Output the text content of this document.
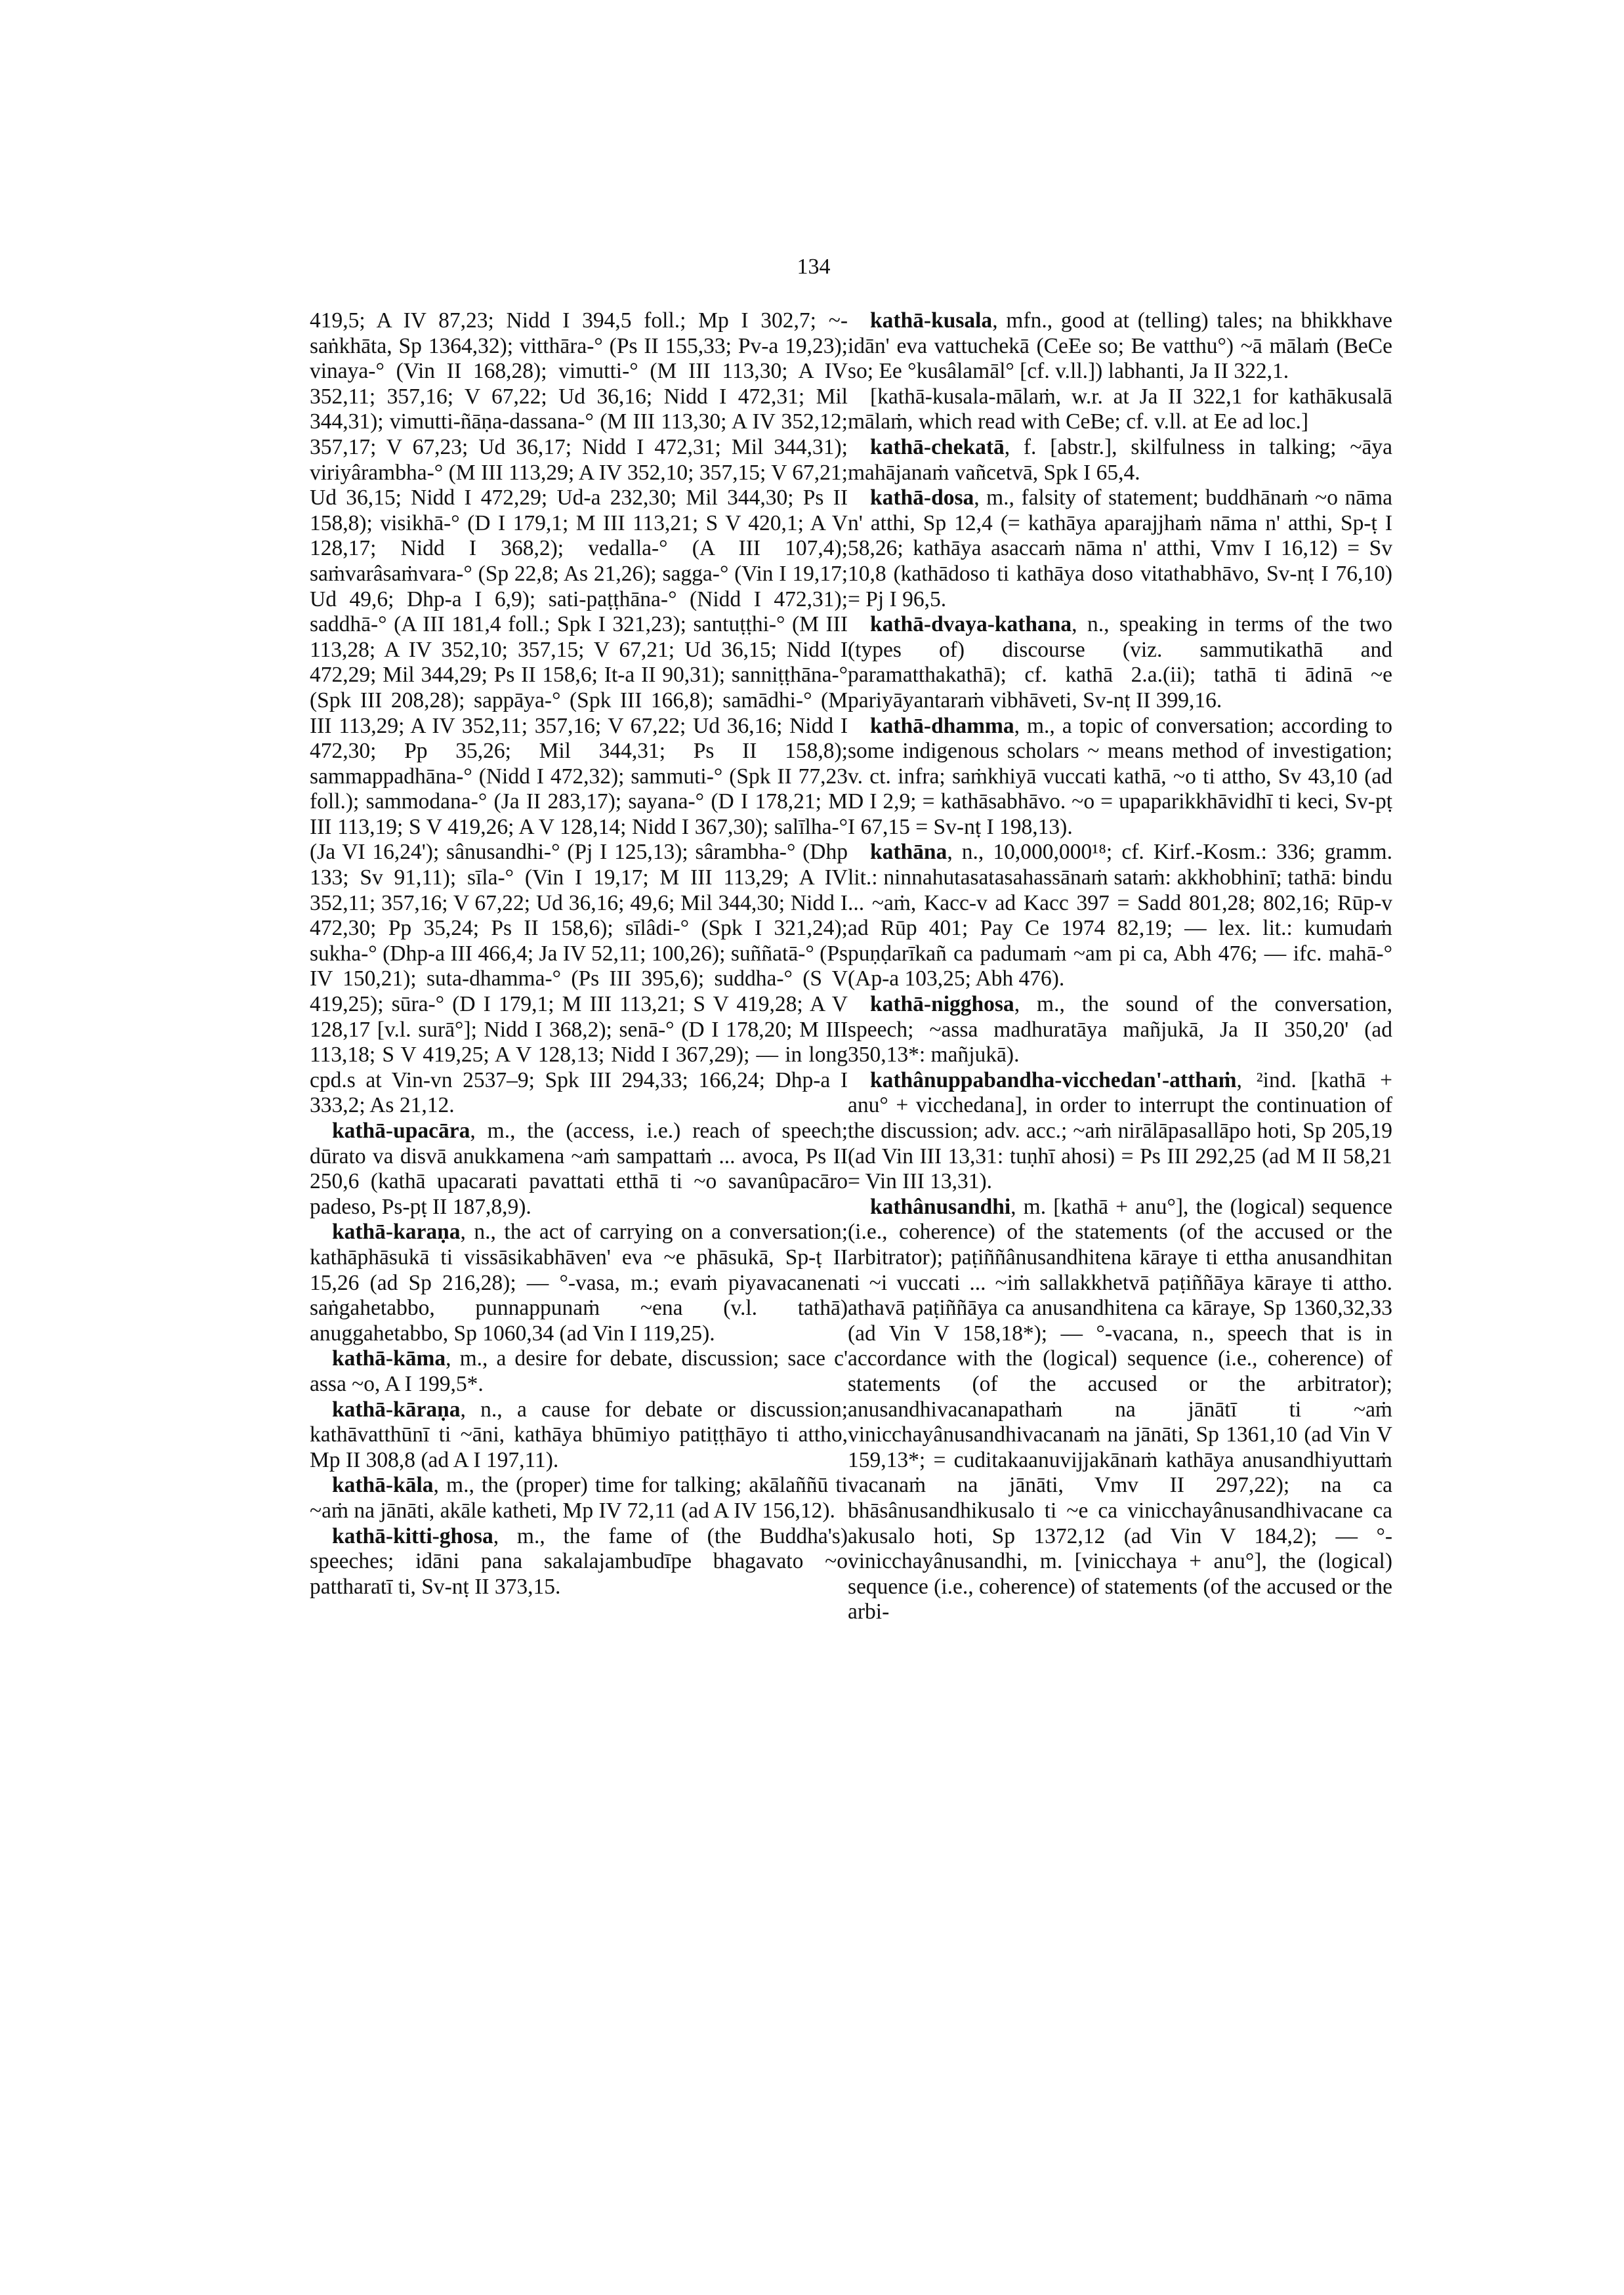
134

419,5; A IV 87,23; Nidd I 394,5 foll.; Mp I 302,7; ~-saṅkhāta, Sp 1364,32); vitthāra-° (Ps II 155,33; Pv-a 19,23); vinaya-° (Vin II 168,28); vimutti-° (M III 113,30; A IV 352,11; 357,16; V 67,22; Ud 36,16; Nidd I 472,31; Mil 344,31); vimutti-ñāṇa-dassana-° (M III 113,30; A IV 352,12; 357,17; V 67,23; Ud 36,17; Nidd I 472,31; Mil 344,31); viriyârambha-° (M III 113,29; A IV 352,10; 357,15; V 67,21; Ud 36,15; Nidd I 472,29; Ud-a 232,30; Mil 344,30; Ps II 158,8); visikhā-° (D I 179,1; M III 113,21; S V 420,1; A V 128,17; Nidd I 368,2); vedalla-° (A III 107,4); saṁvarâsaṁvara-° (Sp 22,8; As 21,26); sagga-° (Vin I 19,17; Ud 49,6; Dhp-a I 6,9); sati-paṭṭhāna-° (Nidd I 472,31); saddhā-° (A III 181,4 foll.; Spk I 321,23); santuṭṭhi-° (M III 113,28; A IV 352,10; 357,15; V 67,21; Ud 36,15; Nidd I 472,29; Mil 344,29; Ps II 158,6; It-a II 90,31); sanniṭṭhāna-° (Spk III 208,28); sappāya-° (Spk III 166,8); samādhi-° (M III 113,29; A IV 352,11; 357,16; V 67,22; Ud 36,16; Nidd I 472,30; Pp 35,26; Mil 344,31; Ps II 158,8); sammappadhāna-° (Nidd I 472,32); sammuti-° (Spk II 77,23 foll.); sammodana-° (Ja II 283,17); sayana-° (D I 178,21; M III 113,19; S V 419,26; A V 128,14; Nidd I 367,30); salīlha-° (Ja VI 16,24'); sânusandhi-° (Pj I 125,13); sârambha-° (Dhp 133; Sv 91,11); sīla-° (Vin I 19,17; M III 113,29; A IV 352,11; 357,16; V 67,22; Ud 36,16; 49,6; Mil 344,30; Nidd I 472,30; Pp 35,24; Ps II 158,6); sīlâdi-° (Spk I 321,24); sukha-° (Dhp-a III 466,4; Ja IV 52,11; 100,26); suññatā-° (Ps IV 150,21); suta-dhamma-° (Ps III 395,6); suddha-° (S V 419,25); sūra-° (D I 179,1; M III 113,21; S V 419,28; A V 128,17 [v.l. surā°]; Nidd I 368,2); senā-° (D I 178,20; M III 113,18; S V 419,25; A V 128,13; Nidd I 367,29); — in long cpd.s at Vin-vn 2537–9; Spk III 294,33; 166,24; Dhp-a I 333,2; As 21,12.

kathā-upacāra, m., the (access, i.e.) reach of speech; dūrato va disvā anukkamena ~aṁ sampattaṁ ... avoca, Ps II 250,6 (kathā upacarati pavattati etthā ti ~o savanûpacāro padeso, Ps-pṭ II 187,8,9).

kathā-karaṇa, n., the act of carrying on a conversation; kathāphāsukā ti vissāsikabhāven' eva ~e phāsukā, Sp-ṭ II 15,26 (ad Sp 216,28); — °-vasa, m.; evaṁ piyavacanena saṅgahetabbo, punnappunaṁ ~ena (v.l. tathā) anuggahetabbo, Sp 1060,34 (ad Vin I 119,25).

kathā-kāma, m., a desire for debate, discussion; sace c' assa ~o, A I 199,5*.

kathā-kāraṇa, n., a cause for debate or discussion; kathāvatthūnī ti ~āni, kathāya bhūmiyo patiṭṭhāyo ti attho, Mp II 308,8 (ad A I 197,11).

kathā-kāla, m., the (proper) time for talking; akālaññū ti ~aṁ na jānāti, akāle katheti, Mp IV 72,11 (ad A IV 156,12).

kathā-kitti-ghosa, m., the fame of (the Buddha's) speeches; idāni pana sakalajambudīpe bhagavato ~o pattharatī ti, Sv-nṭ II 373,15.

kathā-kusala, mfn., good at (telling) tales; na bhikkhave idān' eva vattuchekā (CeEe so; Be vatthu°) ~ā mālaṁ (BeCe so; Ee °kusâlamāl° [cf. v.ll.]) labhanti, Ja II 322,1.

[kathā-kusala-mālaṁ, w.r. at Ja II 322,1 for kathākusalā mālaṁ, which read with CeBe; cf. v.ll. at Ee ad loc.]

kathā-chekatā, f. [abstr.], skilfulness in talking; ~āya mahājanaṁ vañcetvā, Spk I 65,4.

kathā-dosa, m., falsity of statement; buddhānaṁ ~o nāma n' atthi, Sp 12,4 (= kathāya aparajjhaṁ nāma n' atthi, Sp-ṭ I 58,26; kathāya asaccaṁ nāma n' atthi, Vmv I 16,12) = Sv 10,8 (kathādoso ti kathāya doso vitathabhāvo, Sv-nṭ I 76,10) = Pj I 96,5.

kathā-dvaya-kathana, n., speaking in terms of the two (types of) discourse (viz. sammutikathā and paramatthakathā); cf. kathā 2.a.(ii); tathā ti ādinā ~e pariyāyantaraṁ vibhāveti, Sv-nṭ II 399,16.

kathā-dhamma, m., a topic of conversation; according to some indigenous scholars ~ means method of investigation; v. ct. infra; saṁkhiyā vuccati kathā, ~o ti attho, Sv 43,10 (ad D I 2,9; = kathāsabhāvo. ~o = upaparikkhāvidhī ti keci, Sv-pṭ I 67,15 = Sv-nṭ I 198,13).

kathāna, n., 10,000,000¹⁸; cf. Kirf.-Kosm.: 336; gramm. lit.: ninnahutasatasahassānaṁ sataṁ: akkhobhinī; tathā: bindu ... ~aṁ, Kacc-v ad Kacc 397 = Sadd 801,28; 802,16; Rūp-v ad Rūp 401; Pay Ce 1974 82,19; — lex. lit.: kumudaṁ puṇḍarīkañ ca padumaṁ ~am pi ca, Abh 476; — ifc. mahā-° (Ap-a 103,25; Abh 476).

kathā-nigghosa, m., the sound of the conversation, speech; ~assa madhuratāya mañjukā, Ja II 350,20' (ad 350,13*: mañjukā).

kathânuppabandha-vicchedan'-atthaṁ, ²ind. [kathā + anu° + vicchedana], in order to interrupt the continuation of the discussion; adv. acc.; ~aṁ nirālāpasallāpo hoti, Sp 205,19 (ad Vin III 13,31: tuṇhī ahosi) = Ps III 292,25 (ad M II 58,21 = Vin III 13,31).

kathânusandhi, m. [kathā + anu°], the (logical) sequence (i.e., coherence) of the statements (of the accused or the arbitrator); paṭiññânusandhitena kāraye ti ettha anusandhitan ti ~i vuccati ... ~iṁ sallakkhetvā paṭiññāya kāraye ti attho. athavā paṭiññāya ca anusandhitena ca kāraye, Sp 1360,32,33 (ad Vin V 158,18*); — °-vacana, n., speech that is in accordance with the (logical) sequence (i.e., coherence) of statements (of the accused or the arbitrator); anusandhivacanapathaṁ na jānātī ti ~aṁ vinicchayânusandhivacanaṁ na jānāti, Sp 1361,10 (ad Vin V 159,13*; = cuditakaanuvijjakānaṁ kathāya anusandhiyuttaṁ vacanaṁ na jānāti, Vmv II 297,22); na ca bhāsânusandhikusalo ti ~e ca vinicchayânusandhivacane ca akusalo hoti, Sp 1372,12 (ad Vin V 184,2); — °-vinicchayânusandhi, m. [vinicchaya + anu°], the (logical) sequence (i.e., coherence) of statements (of the accused or the arbi-
